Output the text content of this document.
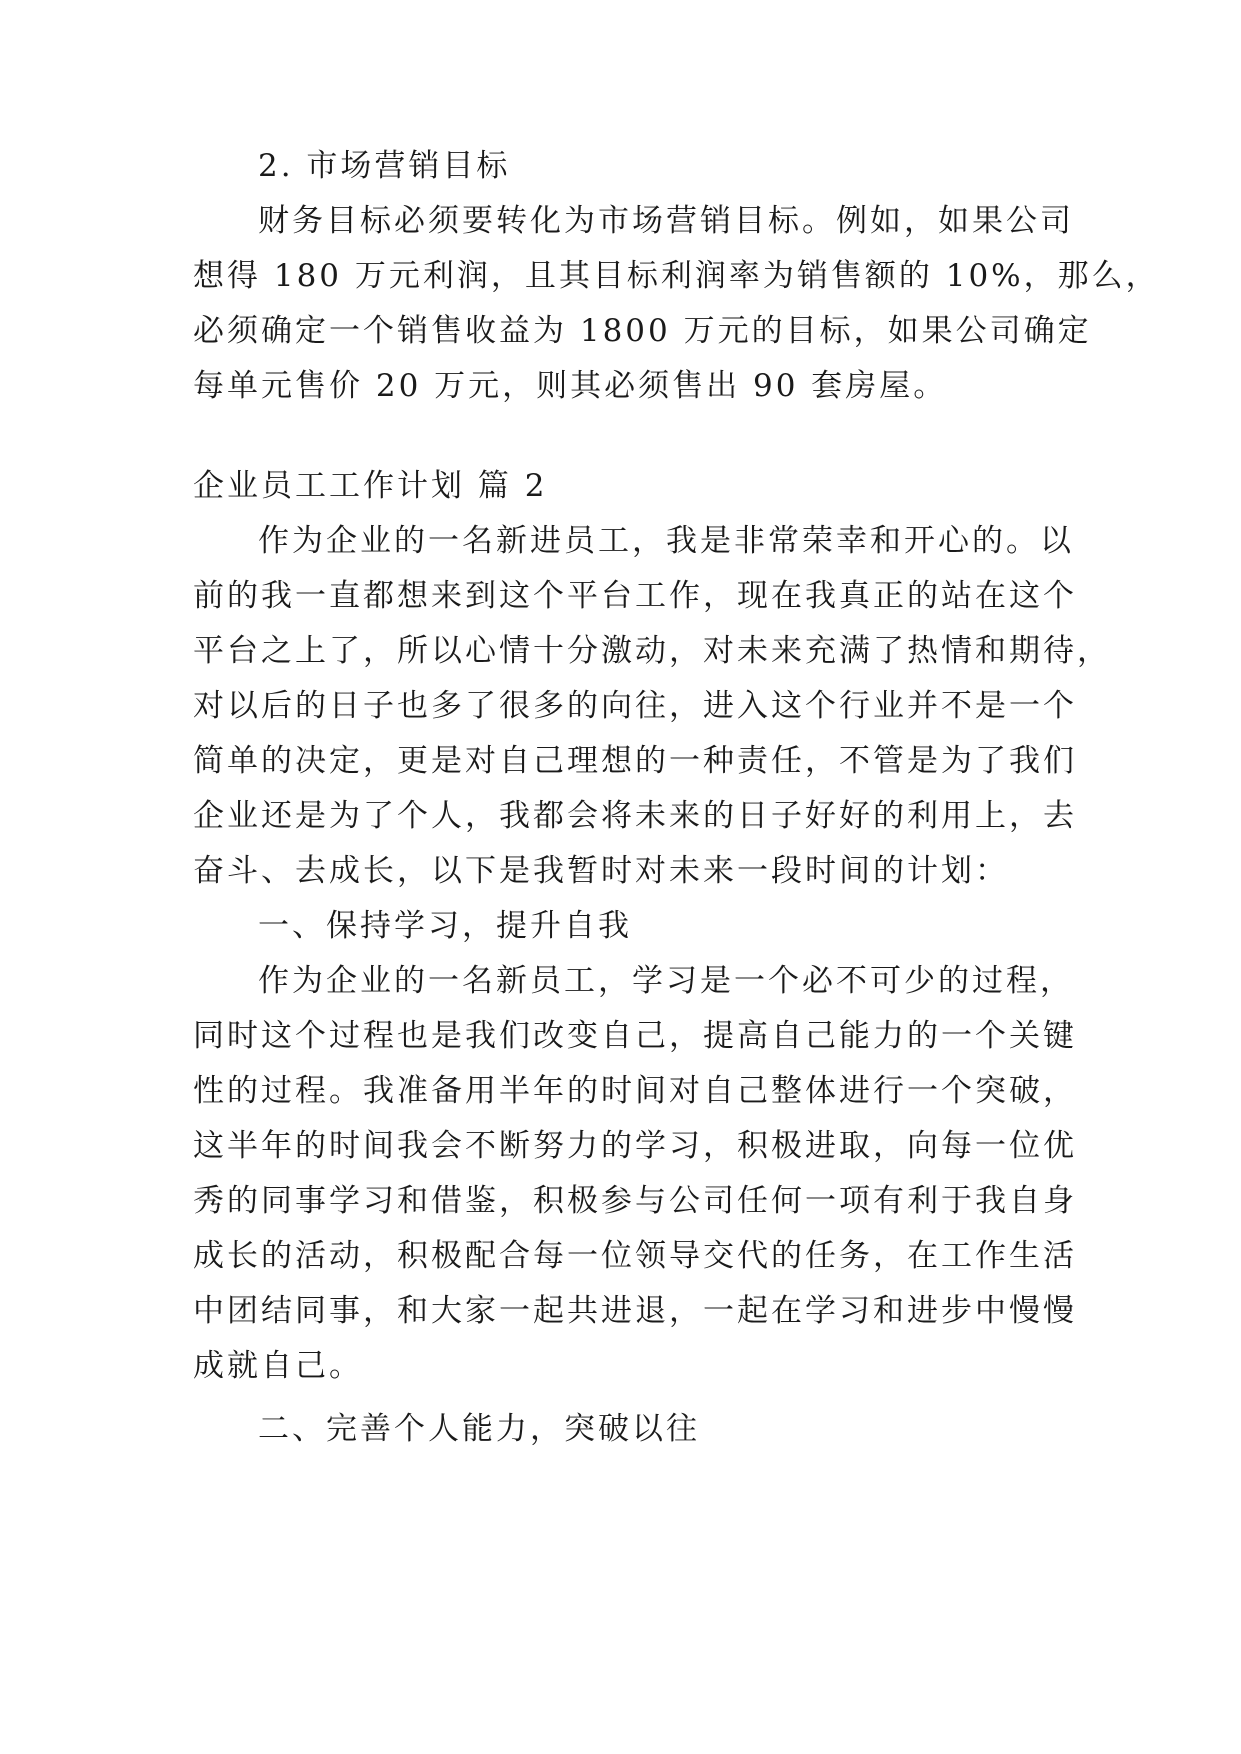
2. 市场营销目标
财务目标必须要转化为市场营销目标。例如，如果公司
想得 180 万元利润，且其目标利润率为销售额的 10%，那么，
必须确定一个销售收益为 1800 万元的目标，如果公司确定
每单元售价 20 万元，则其必须售出 90 套房屋。
企业员工工作计划 篇 2
作为企业的一名新进员工，我是非常荣幸和开心的。以
前的我一直都想来到这个平台工作，现在我真正的站在这个
平台之上了，所以心情十分激动，对未来充满了热情和期待，
对以后的日子也多了很多的向往，进入这个行业并不是一个
简单的决定，更是对自己理想的一种责任，不管是为了我们
企业还是为了个人，我都会将未来的日子好好的利用上，去
奋斗、去成长，以下是我暂时对未来一段时间的计划：
一、保持学习，提升自我
作为企业的一名新员工，学习是一个必不可少的过程，
同时这个过程也是我们改变自己，提高自己能力的一个关键
性的过程。我准备用半年的时间对自己整体进行一个突破，
这半年的时间我会不断努力的学习，积极进取，向每一位优
秀的同事学习和借鉴，积极参与公司任何一项有利于我自身
成长的活动，积极配合每一位领导交代的任务，在工作生活
中团结同事，和大家一起共进退，一起在学习和进步中慢慢
成就自己。
二、完善个人能力，突破以往
